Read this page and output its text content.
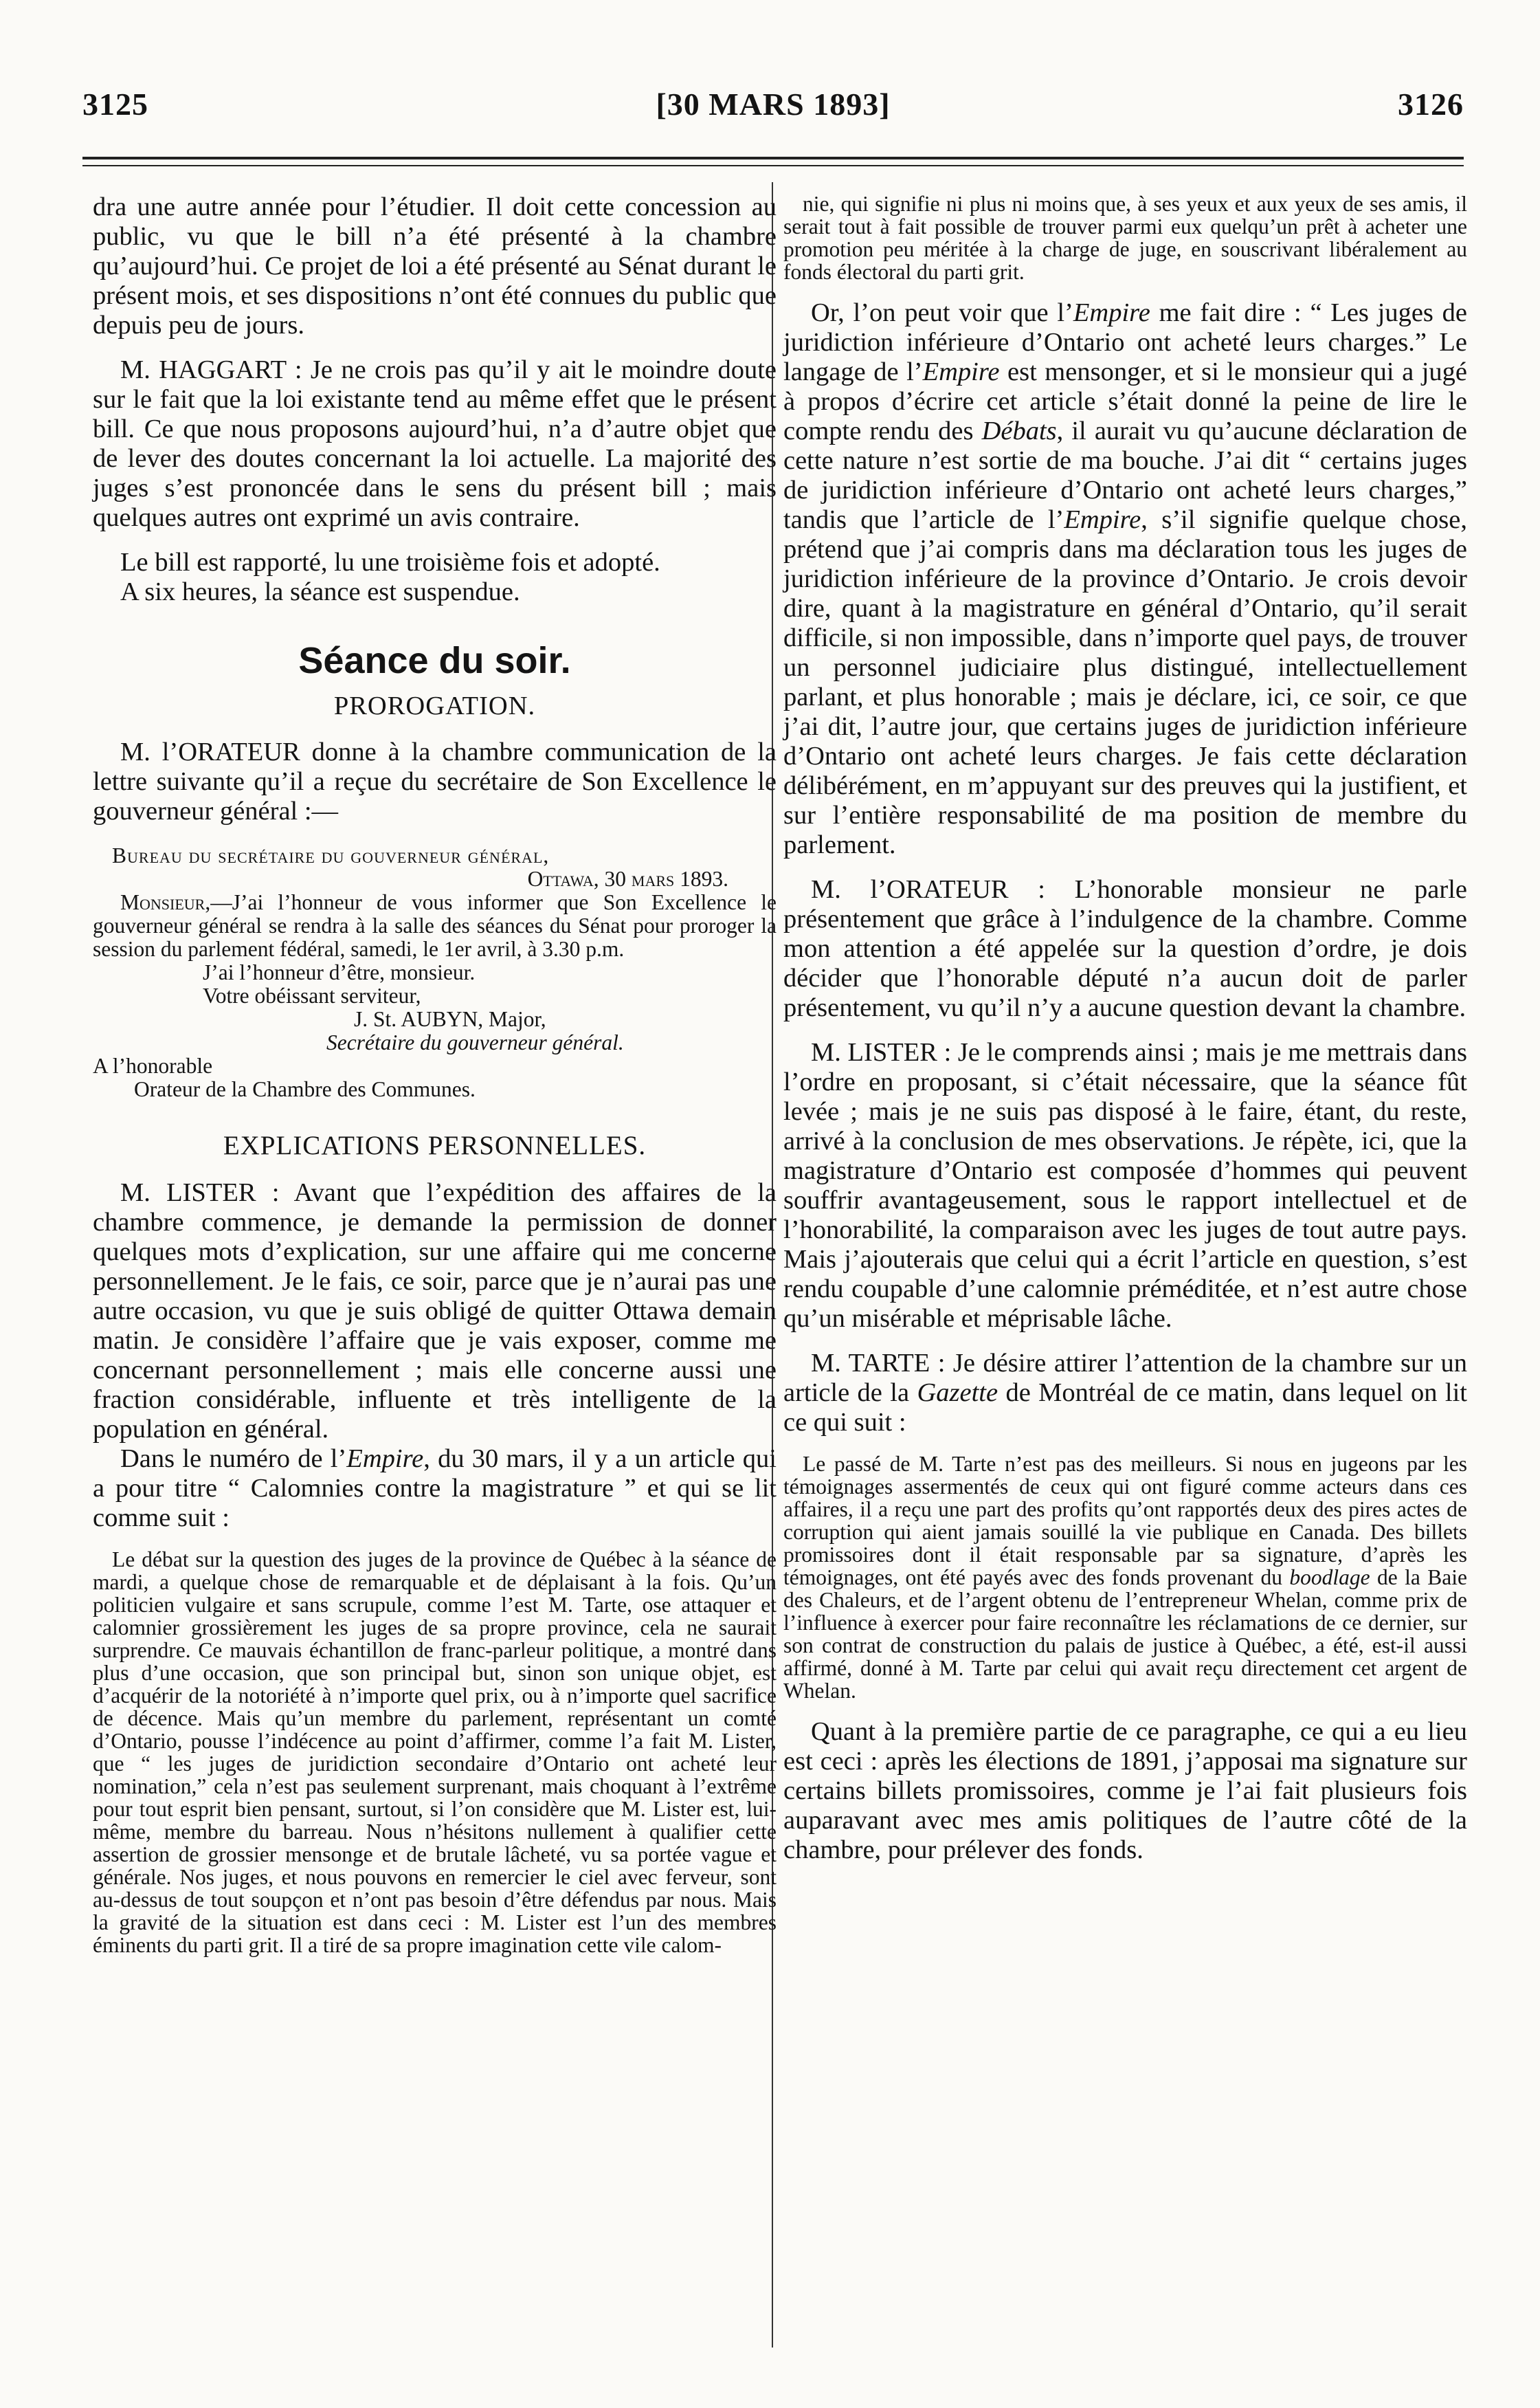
3125	[30 MARS 1893]	3126

dra une autre année pour l’étudier. Il doit cette concession au public, vu que le bill n’a été présenté à la chambre qu’aujourd’hui. Ce projet de loi a été présenté au Sénat durant le présent mois, et ses dispositions n’ont été connues du public que depuis peu de jours.

M. HAGGART : Je ne crois pas qu’il y ait le moindre doute sur le fait que la loi existante tend au même effet que le présent bill. Ce que nous proposons aujourd’hui, n’a d’autre objet que de lever des doutes concernant la loi actuelle. La majorité des juges s’est prononcée dans le sens du présent bill ; mais quelques autres ont exprimé un avis contraire.

Le bill est rapporté, lu une troisième fois et adopté.

A six heures, la séance est suspendue.

Séance du soir.
PROROGATION.

M. l’ORATEUR donne à la chambre communication de la lettre suivante qu’il a reçue du secrétaire de Son Excellence le gouverneur général :—

Bureau du secrétaire du gouverneur général,
Ottawa, 30 mars 1893.
Monsieur,—J’ai l’honneur de vous informer que Son Excellence le gouverneur général se rendra à la salle des séances du Sénat pour proroger la session du parlement fédéral, samedi, le 1er avril, à 3.30 p.m.
J’ai l’honneur d’être, monsieur.
Votre obéissant serviteur,
J. St. AUBYN, Major,
Secrétaire du gouverneur général.
A l’honorable
Orateur de la Chambre des Communes.
EXPLICATIONS PERSONNELLES.

M. LISTER : Avant que l’expédition des affaires de la chambre commence, je demande la permission de donner quelques mots d’explication, sur une affaire qui me concerne personnellement. Je le fais, ce soir, parce que je n’aurai pas une autre occasion, vu que je suis obligé de quitter Ottawa demain matin. Je considère l’affaire que je vais exposer, comme me concernant personnellement ; mais elle concerne aussi une fraction considérable, influente et très intelligente de la population en général.

Dans le numéro de l’Empire, du 30 mars, il y a un article qui a pour titre “ Calomnies contre la magistrature ” et qui se lit comme suit :

Le débat sur la question des juges de la province de Québec à la séance de mardi, a quelque chose de remarquable et de déplaisant à la fois. Qu’un politicien vulgaire et sans scrupule, comme l’est M. Tarte, ose attaquer et calomnier grossièrement les juges de sa propre province, cela ne saurait surprendre. Ce mauvais échantillon de franc-parleur politique, a montré dans plus d’une occasion, que son principal but, sinon son unique objet, est d’acquérir de la notoriété à n’importe quel prix, ou à n’importe quel sacrifice de décence. Mais qu’un membre du parlement, représentant un comté d’Ontario, pousse l’indécence au point d’affirmer, comme l’a fait M. Lister, que “ les juges de juridiction secondaire d’Ontario ont acheté leur nomination,” cela n’est pas seulement surprenant, mais choquant à l’extrême pour tout esprit bien pensant, surtout, si l’on considère que M. Lister est, lui-même, membre du barreau. Nous n’hésitons nullement à qualifier cette assertion de grossier mensonge et de brutale lâcheté, vu sa portée vague et générale. Nos juges, et nous pouvons en remercier le ciel avec ferveur, sont au-dessus de tout soupçon et n’ont pas besoin d’être défendus par nous. Mais la gravité de la situation est dans ceci : M. Lister est l’un des membres éminents du parti grit. Il a tiré de sa propre imagination cette vile calom-

nie, qui signifie ni plus ni moins que, à ses yeux et aux yeux de ses amis, il serait tout à fait possible de trouver parmi eux quelqu’un prêt à acheter une promotion peu méritée à la charge de juge, en souscrivant libéralement au fonds électoral du parti grit.

Or, l’on peut voir que l’Empire me fait dire : “ Les juges de juridiction inférieure d’Ontario ont acheté leurs charges.” Le langage de l’Empire est mensonger, et si le monsieur qui a jugé à propos d’écrire cet article s’était donné la peine de lire le compte rendu des Débats, il aurait vu qu’aucune déclaration de cette nature n’est sortie de ma bouche. J’ai dit “ certains juges de juridiction inférieure d’Ontario ont acheté leurs charges,” tandis que l’article de l’Empire, s’il signifie quelque chose, prétend que j’ai compris dans ma déclaration tous les juges de juridiction inférieure de la province d’Ontario. Je crois devoir dire, quant à la magistrature en général d’Ontario, qu’il serait difficile, si non impossible, dans n’importe quel pays, de trouver un personnel judiciaire plus distingué, intellectuellement parlant, et plus honorable ; mais je déclare, ici, ce soir, ce que j’ai dit, l’autre jour, que certains juges de juridiction inférieure d’Ontario ont acheté leurs charges. Je fais cette déclaration délibérément, en m’appuyant sur des preuves qui la justifient, et sur l’entière responsabilité de ma position de membre du parlement.

M. l’ORATEUR : L’honorable monsieur ne parle présentement que grâce à l’indulgence de la chambre. Comme mon attention a été appelée sur la question d’ordre, je dois décider que l’honorable député n’a aucun doit de parler présentement, vu qu’il n’y a aucune question devant la chambre.

M. LISTER : Je le comprends ainsi ; mais je me mettrais dans l’ordre en proposant, si c’était nécessaire, que la séance fût levée ; mais je ne suis pas disposé à le faire, étant, du reste, arrivé à la conclusion de mes observations. Je répète, ici, que la magistrature d’Ontario est composée d’hommes qui peuvent souffrir avantageusement, sous le rapport intellectuel et de l’honorabilité, la comparaison avec les juges de tout autre pays. Mais j’ajouterais que celui qui a écrit l’article en question, s’est rendu coupable d’une calomnie préméditée, et n’est autre chose qu’un misérable et méprisable lâche.

M. TARTE : Je désire attirer l’attention de la chambre sur un article de la Gazette de Montréal de ce matin, dans lequel on lit ce qui suit :

Le passé de M. Tarte n’est pas des meilleurs. Si nous en jugeons par les témoignages assermentés de ceux qui ont figuré comme acteurs dans ces affaires, il a reçu une part des profits qu’ont rapportés deux des pires actes de corruption qui aient jamais souillé la vie publique en Canada. Des billets promissoires dont il était responsable par sa signature, d’après les témoignages, ont été payés avec des fonds provenant du boodlage de la Baie des Chaleurs, et de l’argent obtenu de l’entrepreneur Whelan, comme prix de l’influence à exercer pour faire reconnaître les réclamations de ce dernier, sur son contrat de construction du palais de justice à Québec, a été, est-il aussi affirmé, donné à M. Tarte par celui qui avait reçu directement cet argent de Whelan.

Quant à la première partie de ce paragraphe, ce qui a eu lieu est ceci : après les élections de 1891, j’apposai ma signature sur certains billets promissoires, comme je l’ai fait plusieurs fois auparavant avec mes amis politiques de l’autre côté de la chambre, pour prélever des fonds.
